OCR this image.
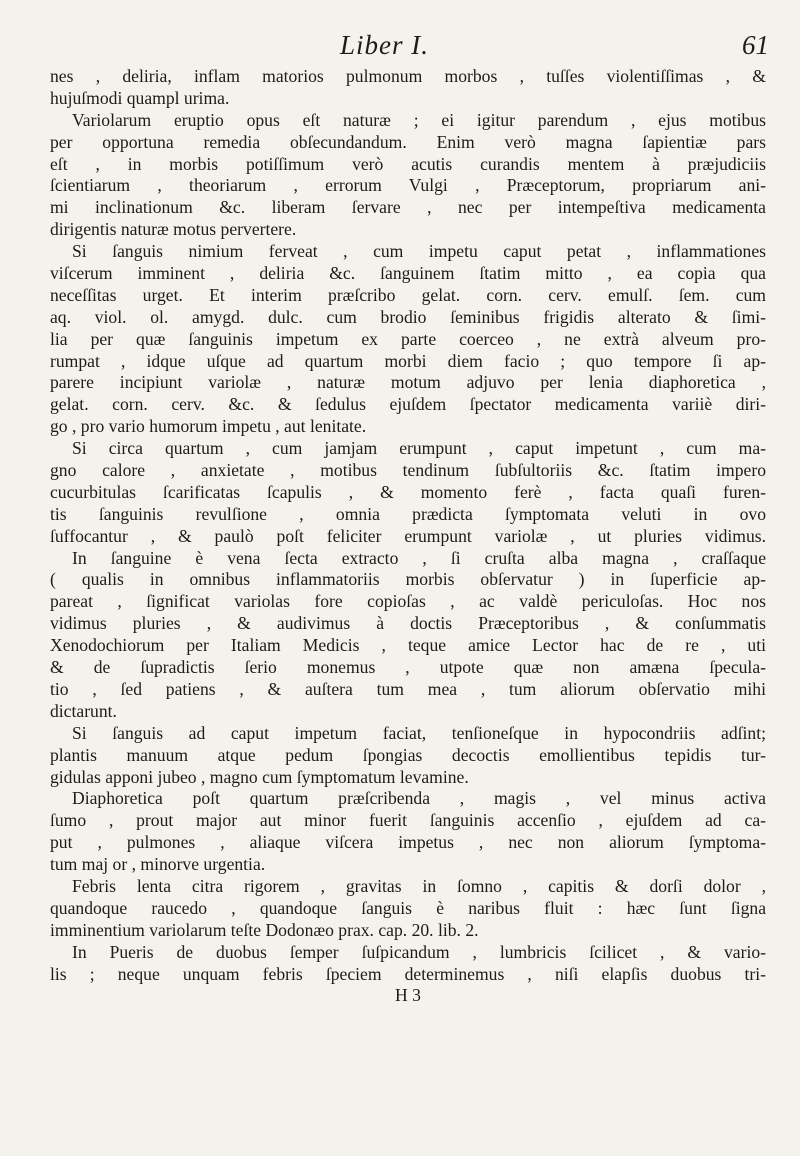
Liber I.	61
nes , deliria, inflam matorios pulmonum morbos , tuſſes violentiſſimas , &
hujuſmodi quampl urima.
Variolarum eruptio opus eſt naturæ ; ei igitur parendum , ejus motibus
per opportuna remedia obſecundandum. Enim verò magna ſapientiæ pars
eſt , in morbis potiſſimum verò acutis curandis mentem à præjudiciis
ſcientiarum , theoriarum , errorum Vulgi , Præceptorum, propriarum ani-
mi inclinationum &c. liberam ſervare , nec per intempeſtiva medicamenta
dirigentis naturæ motus pervertere.
Si ſanguis nimium ferveat , cum impetu caput petat , inflammationes
viſcerum imminent , deliria &c. ſanguinem ſtatim mitto , ea copia qua
neceſſitas urget. Et interim præſcribo gelat. corn. cerv. emulſ. ſem. cum
aq. viol. ol. amygd. dulc. cum brodio ſeminibus frigidis alterato & ſimi-
lia per quæ ſanguinis impetum ex parte coerceo , ne extrà alveum pro-
rumpat , idque uſque ad quartum morbi diem facio ; quo tempore ſi ap-
parere incipiunt variolæ , naturæ motum adjuvo per lenia diaphoretica ,
gelat. corn. cerv. &c. & ſedulus ejuſdem ſpectator medicamenta variiè diri-
go , pro vario humorum impetu , aut lenitate.
Si circa quartum , cum jamjam erumpunt , caput impetunt , cum ma-
gno calore , anxietate , motibus tendinum ſubſultoriis &c. ſtatim impero
cucurbitulas ſcarificatas ſcapulis , & momento ferè , facta quaſi furen-
tis ſanguinis revulſione , omnia prædicta ſymptomata veluti in ovo
ſuffocantur , & paulò poſt feliciter erumpunt variolæ , ut pluries vidimus.
In ſanguine è vena ſecta extracto , ſi cruſta alba magna , craſſaque
( qualis in omnibus inflammatoriis morbis obſervatur ) in ſuperficie ap-
pareat , ſignificat variolas fore copioſas , ac valdè periculoſas. Hoc nos
vidimus pluries , & audivimus à doctis Præceptoribus , & conſummatis
Xenodochiorum per Italiam Medicis , teque amice Lector hac de re , uti
& de ſupradictis ſerio monemus , utpote quæ non amæna ſpecula-
tio , ſed patiens , & auſtera tum mea , tum aliorum obſervatio mihi
dictarunt.
Si ſanguis ad caput impetum faciat, tenſioneſque in hypocondriis adſint;
plantis manuum atque pedum ſpongias decoctis emollientibus tepidis tur-
gidulas apponi jubeo , magno cum ſymptomatum levamine.
Diaphoretica poſt quartum præſcribenda , magis , vel minus activa
ſumo , prout major aut minor fuerit ſanguinis accenſio , ejuſdem ad ca-
put , pulmones , aliaque viſcera impetus , nec non aliorum ſymptoma-
tum maj or , minorve urgentia.
Febris lenta citra rigorem , gravitas in ſomno , capitis & dorſi dolor ,
quandoque raucedo , quandoque ſanguis è naribus fluit : hæc ſunt ſigna
imminentium variolarum teſte Dodonæo prax. cap. 20. lib. 2.
In Pueris de duobus ſemper ſuſpicandum , lumbricis ſcilicet , & vario-
lis ; neque unquam febris ſpeciem determinemus , niſi elapſis duobus tri-
H 3
